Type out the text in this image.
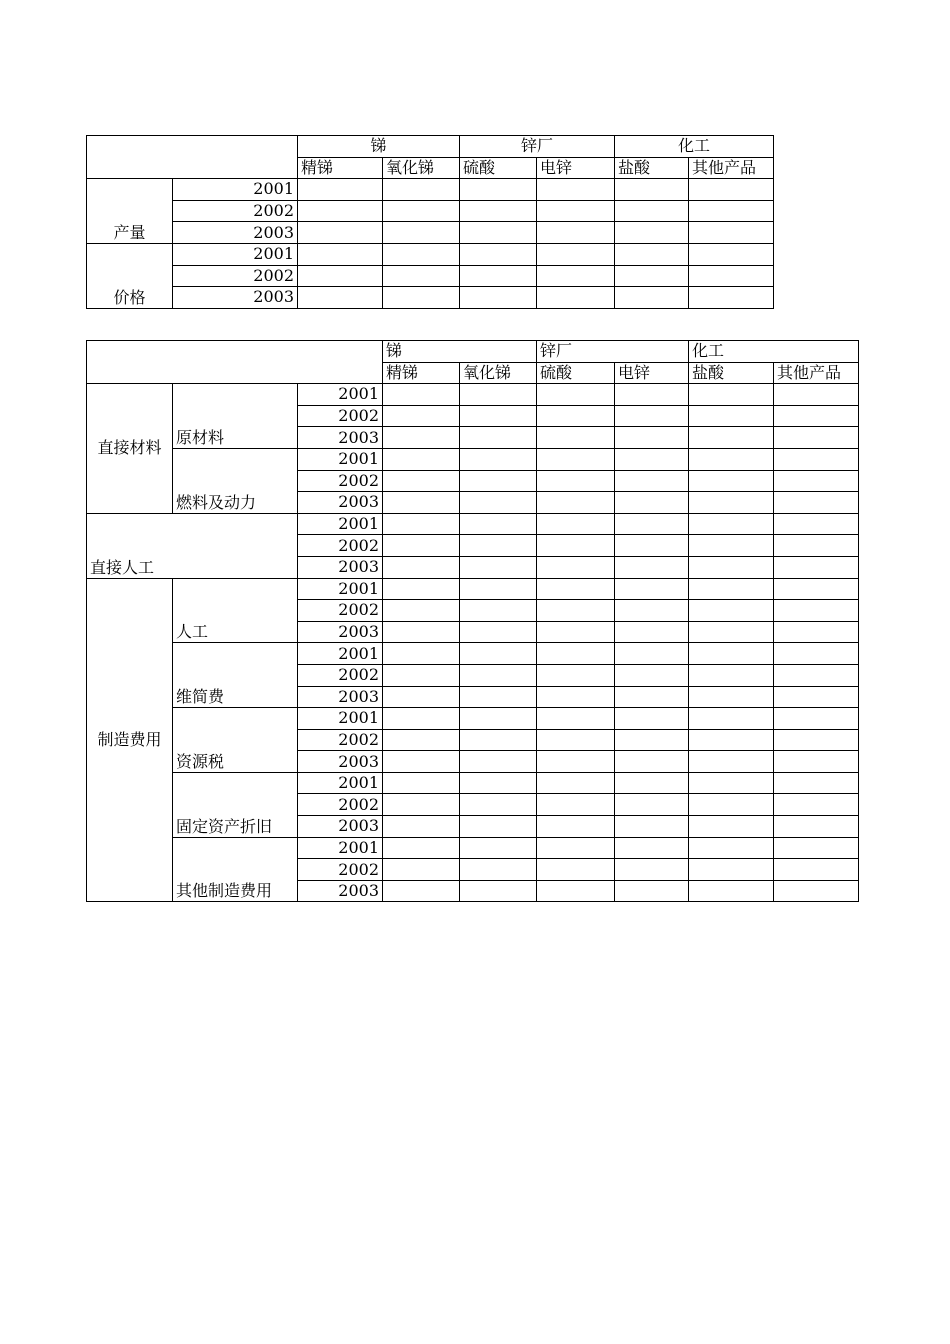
		锑		锌厂		化工	
		精锑	氧化锑	硫酸	电锌	盐酸	其他产品
产量	2001						
	2002						
	2003						
价格	2001						
	2002						
	2003						
			锑		锌厂		化工	
			精锑	氧化锑	硫酸	电锌	盐酸	其他产品
直接材料	原材料	2001						
		2002						
		2003						
	燃料及动力	2001						
		2002						
		2003						
直接人工		2001						
		2002						
		2003						
制造费用	人工	2001						
		2002						
		2003						
	维简费	2001						
		2002						
		2003						
	资源税	2001						
		2002						
		2003						
	固定资产折旧	2001						
		2002						
		2003						
	其他制造费用	2001						
		2002						
		2003						
